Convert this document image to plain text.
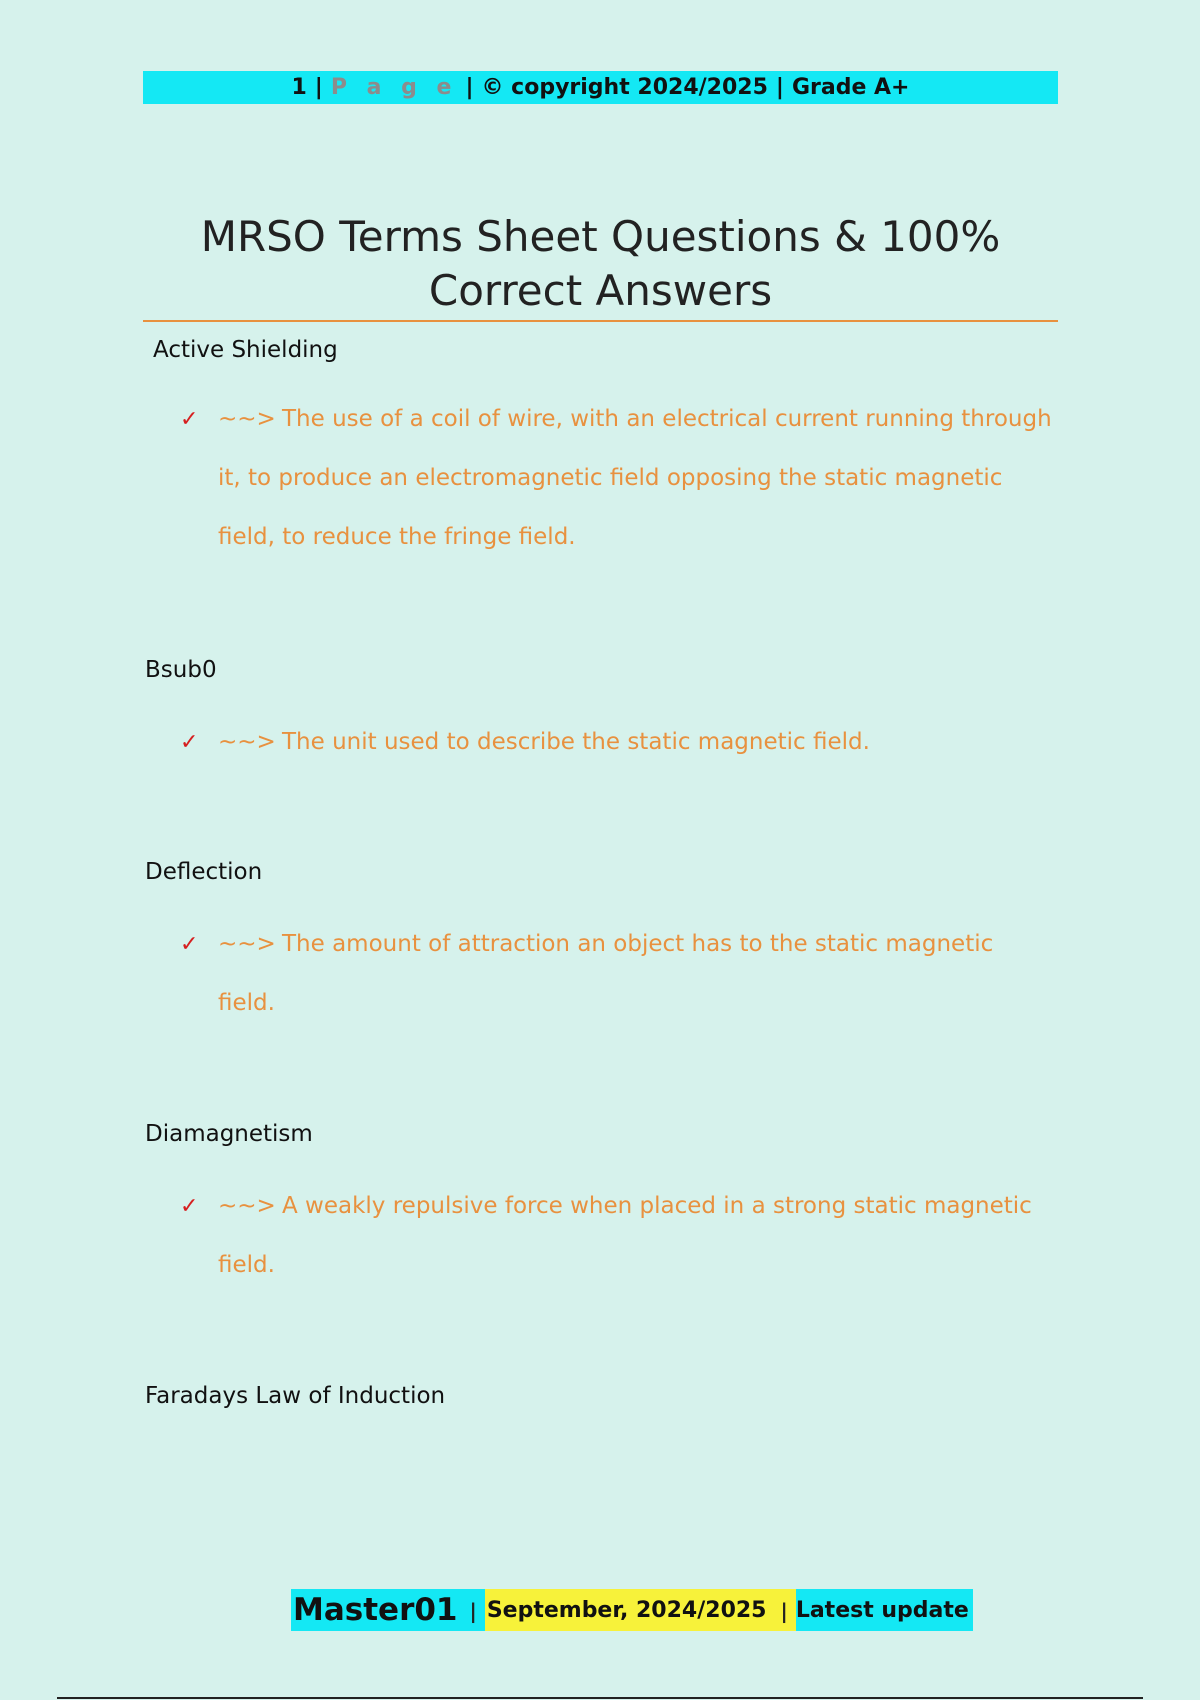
1 | P a g e | © copyright 2024/2025 | Grade A+
MRSO Terms Sheet Questions & 100%
Correct Answers
Active Shielding
✓ ~~> The use of a coil of wire, with an electrical current running through
it, to produce an electromagnetic field opposing the static magnetic
field, to reduce the fringe field.
Bsub0
✓ ~~> The unit used to describe the static magnetic field.
Deflection
✓ ~~> The amount of attraction an object has to the static magnetic
field.
Diamagnetism
✓ ~~> A weakly repulsive force when placed in a strong static magnetic
field.
Faradays Law of Induction
Master01 | September, 2024/2025 | Latest update
